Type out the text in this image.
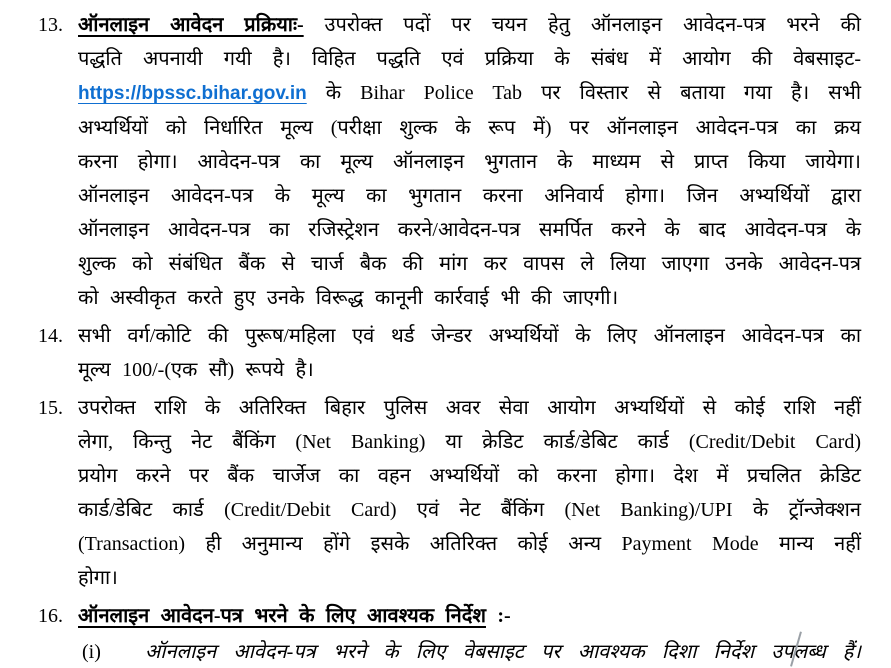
13. ऑनलाइन आवेदन प्रक्रियाः- उपरोक्त पदों पर चयन हेतु ऑनलाइन आवेदन-पत्र भरने की
पद्धति अपनायी गयी है। विहित पद्धति एवं प्रक्रिया के संबंध में आयोग की वेबसाइट-
https://bpssc.bihar.gov.in के Bihar Police Tab पर विस्तार से बताया गया है। सभी
अभ्यर्थियों को निर्धारित मूल्य (परीक्षा शुल्क के रूप में) पर ऑनलाइन आवेदन-पत्र का क्रय
करना होगा। आवेदन-पत्र का मूल्य ऑनलाइन भुगतान के माध्यम से प्राप्त किया जायेगा।
ऑनलाइन आवेदन-पत्र के मूल्य का भुगतान करना अनिवार्य होगा। जिन अभ्यर्थियों द्वारा
ऑनलाइन आवेदन-पत्र का रजिस्ट्रेशन करने/आवेदन-पत्र समर्पित करने के बाद आवेदन-पत्र के
शुल्क को संबंधित बैंक से चार्ज बैक की मांग कर वापस ले लिया जाएगा उनके आवेदन-पत्र
को अस्वीकृत करते हुए उनके विरूद्ध कानूनी कार्रवाई भी की जाएगी।
14. सभी वर्ग/कोटि की पुरूष/महिला एवं थर्ड जेन्डर अभ्यर्थियों के लिए ऑनलाइन आवेदन-पत्र का
मूल्य 100/-(एक सौ) रूपये है।
15. उपरोक्त राशि के अतिरिक्त बिहार पुलिस अवर सेवा आयोग अभ्यर्थियों से कोई राशि नहीं
लेगा, किन्तु नेट बैंकिंग (Net Banking) या क्रेडिट कार्ड/डेबिट कार्ड (Credit/Debit Card)
प्रयोग करने पर बैंक चार्जेज का वहन अभ्यर्थियों को करना होगा। देश में प्रचलित क्रेडिट
कार्ड/डेबिट कार्ड (Credit/Debit Card) एवं नेट बैंकिंग (Net Banking)/UPI के ट्रॉन्जेक्शन
(Transaction) ही अनुमान्य होंगे इसके अतिरिक्त कोई अन्य Payment Mode मान्य नहीं
होगा।
16. ऑनलाइन आवेदन-पत्र भरने के लिए आवश्यक निर्देश :-
(i)	ऑनलाइन आवेदन-पत्र भरने के लिए वेबसाइट पर आवश्यक दिशा निर्देश उपलब्ध हैं।
